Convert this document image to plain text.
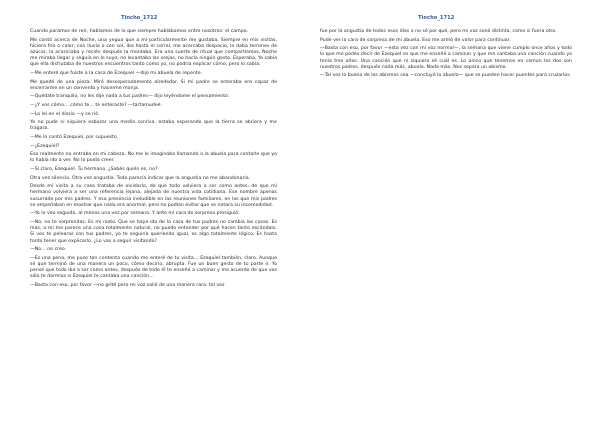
Tincho_1712

Cuando paramos de reír, hablamos de lo que siempre hablábamos entre nosotros: el campo.

Me contó acerca de Noche, una yegua que a mí particularmente me gustaba. Siempre en mis visitas, hiciera frío o calor, con lluvia o con sol, iba hasta el corral, me acercaba despacio, le daba terrones de azúcar, la acariciaba y recién después la montaba. Era una suerte de ritual que compartíamos, Noche me miraba llegar y seguía en lo suyo, no levantaba las orejas, no hacía ningún gesto. Esperaba. Yo sabía que ella disfrutaba de nuestros encuentros tanto como yo, no podría explicar cómo, pero lo sabía.

—Me enteré que fuiste a la casa de Ezequiel —dijo mi abuela de repente.

Me quedé de una pieza. Miré desesperadamente alrededor. Si mi padre se enteraba era capaz de encerrarme en un convento y hacerme monja.

—Quédate tranquilo, no les dije nada a tus padres— dijo leyéndome el pensamiento.

—¿Y vos cómo… cómo te… te enteraste? —tartamudeé.

—Lo leí en el diario —y se rió.

Yo no pude ni siquiera esbozar una media sonrisa, estaba esperando que la tierra se abriera y me tragara.

—Me lo contó Ezequiel, por supuesto.

—¿Ezequiel?

Eso realmente no entraba en mi cabeza. No me lo imaginaba llamando a la abuela para contarle que yo lo había ido a ver. No lo podía creer.

—Sí claro, Ezequiel. Tu hermano. ¿Sabés quién es, no?

Otra vez silencio. Otra vez angustia. Todo parecía indicar que la angustia no me abandonaría.

Desde mi visita a su casa trataba de olvidarlo, de que todo volviera a ser como antes, de que mi hermano volviera a ser una referencia lejana, alejada de nuestra vida cotidiana. Ese nombre apenas susurrado por mis padres. Y esa presencia ineludible en las reuniones familiares, en las que mis padres se empeñaban en mostrar que nada era anormal, pero no podían evitar que se notara su incomodidad.

—Yo lo veo seguido, al menos una vez por semana. Y ante mi cara de sorpresa prosiguió:

—No, no te sorprendas. Es mi nieto. Que se haya ido de la casa de tus padres no cambia las cosas. Es más, a mí me parece una cosa totalmente natural, no puedo entender por qué hacen tanto escándalo. Si vos te pelearas con tus padres, yo te seguiría queriendo igual, es algo totalmente lógico. Es hasta tonto tener que explicarlo. ¿Lo vas a seguir visitando?

—No… no creo.

—Es una pena, me puse tan contenta cuando me enteré de tu visita… Ezequiel también, claro. Aunque sé que terminó de una manera un poco, cómo decirlo, abrupta. Fue un buen gesto de tu parte ir. Yo pensé que todo iba a ser como antes, después de todo él te enseñó a caminar y me acuerdo de que vos sólo te dormías si Ezequiel te cantaba una canción…

—Basta con eso, por favor —no grité pero mi voz salió de una manera rara, tal vez

Tincho_1712

fue por la angustia de todos esos días o no sé por qué, pero mi voz sonó distinta, como si fuera otro.

Pude ver la cara de sorpresa de mi abuela. Eso me armó de valor para continuar.

—Basta con eso, por favor —esta vez con mi voz normal—, la semana que viene cumplo once años y todo lo que me podés decir de Ezequiel es que me enseñó a caminar y que me cantaba una canción cuando yo tenía tres años. Una canción que ni siquiera sé cuál es. Lo único que tenemos en común los dos son nuestros padres, después nada más, abuela. Nada más. Nos separa un abismo.

—Tal vez lo bueno de los abismos sea —concluyó la abuela— que se pueden hacer puentes para cruzarlos.
